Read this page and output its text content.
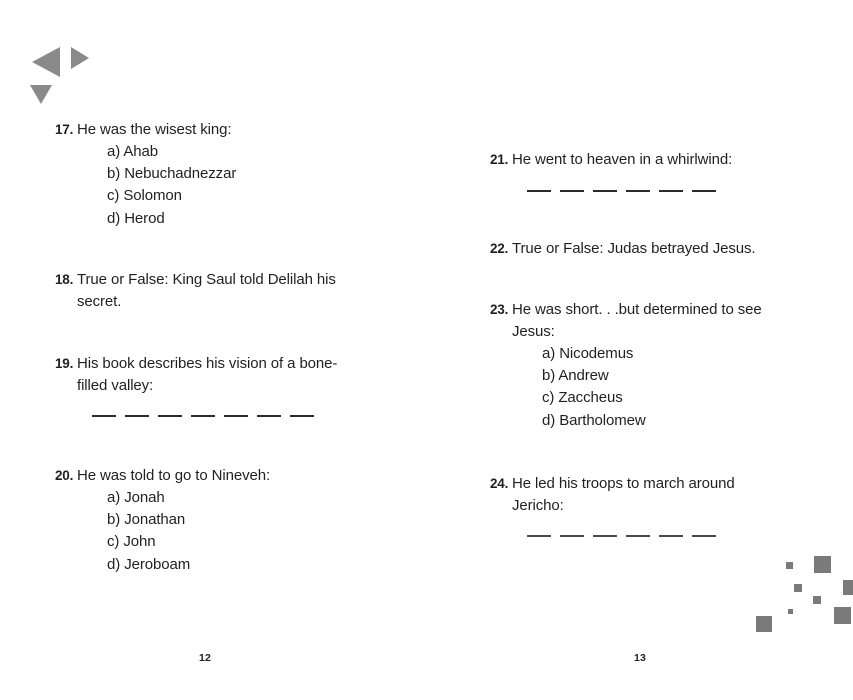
17. He was the wisest king:
a) Ahab
b) Nebuchadnezzar
c) Solomon
d) Herod
18. True or False: King Saul told Delilah his
secret.
19. His book describes his vision of a bone-
filled valley:
20. He was told to go to Nineveh:
a) Jonah
b) Jonathan
c) John
d) Jeroboam
21. He went to heaven in a whirlwind:
22. True or False: Judas betrayed Jesus.
23. He was short. . .but determined to see
Jesus:
a) Nicodemus
b) Andrew
c) Zaccheus
d) Bartholomew
24. He led his troops to march around
Jericho:
12	13
